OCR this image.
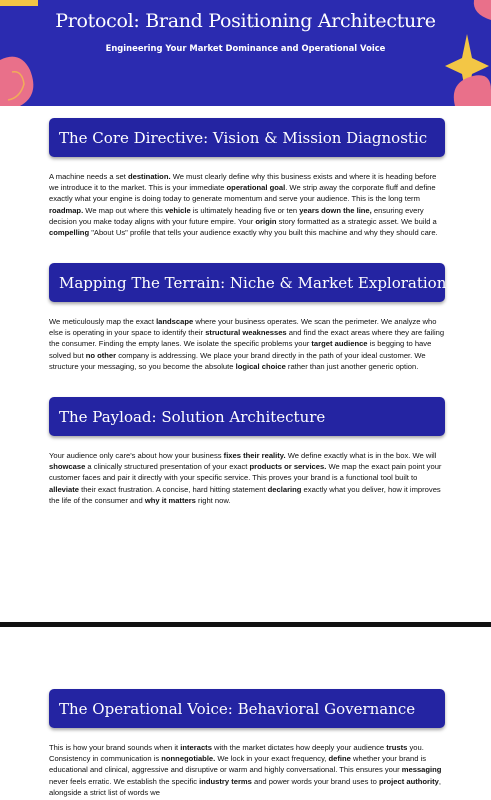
Protocol: Brand Positioning Architecture
Engineering Your Market Dominance and Operational Voice
The Core Directive: Vision & Mission Diagnostic
A machine needs a set destination. We must clearly define why this business exists and where it is heading before we introduce it to the market. This is your immediate operational goal. We strip away the corporate fluff and define exactly what your engine is doing today to generate momentum and serve your audience. This is the long term roadmap. We map out where this vehicle is ultimately heading five or ten years down the line, ensuring every decision you make today aligns with your future empire. Your origin story formatted as a strategic asset. We build a compelling "About Us" profile that tells your audience exactly why you built this machine and why they should care.
Mapping The Terrain: Niche & Market Exploration
We meticulously map the exact landscape where your business operates. We scan the perimeter. We analyze who else is operating in your space to identify their structural weaknesses and find the exact areas where they are failing the consumer. Finding the empty lanes. We isolate the specific problems your target audience is begging to have solved but no other company is addressing. We place your brand directly in the path of your ideal customer. We structure your messaging, so you become the absolute logical choice rather than just another generic option.
The Payload: Solution Architecture
Your audience only care's about how your business fixes their reality. We define exactly what is in the box. We will showcase a clinically structured presentation of your exact products or services. We map the exact pain point your customer faces and pair it directly with your specific service. This proves your brand is a functional tool built to alleviate their exact frustration. A concise, hard hitting statement declaring exactly what you deliver, how it improves the life of the consumer and why it matters right now.
The Operational Voice: Behavioral Governance
This is how your brand sounds when it interacts with the market dictates how deeply your audience trusts you. Consistency in communication is nonnegotiable. We lock in your exact frequency, define whether your brand is educational and clinical, aggressive and disruptive or warm and highly conversational. This ensures your messaging never feels erratic. We establish the specific industry terms and power words your brand uses to project authority, alongside a strict list of words we
